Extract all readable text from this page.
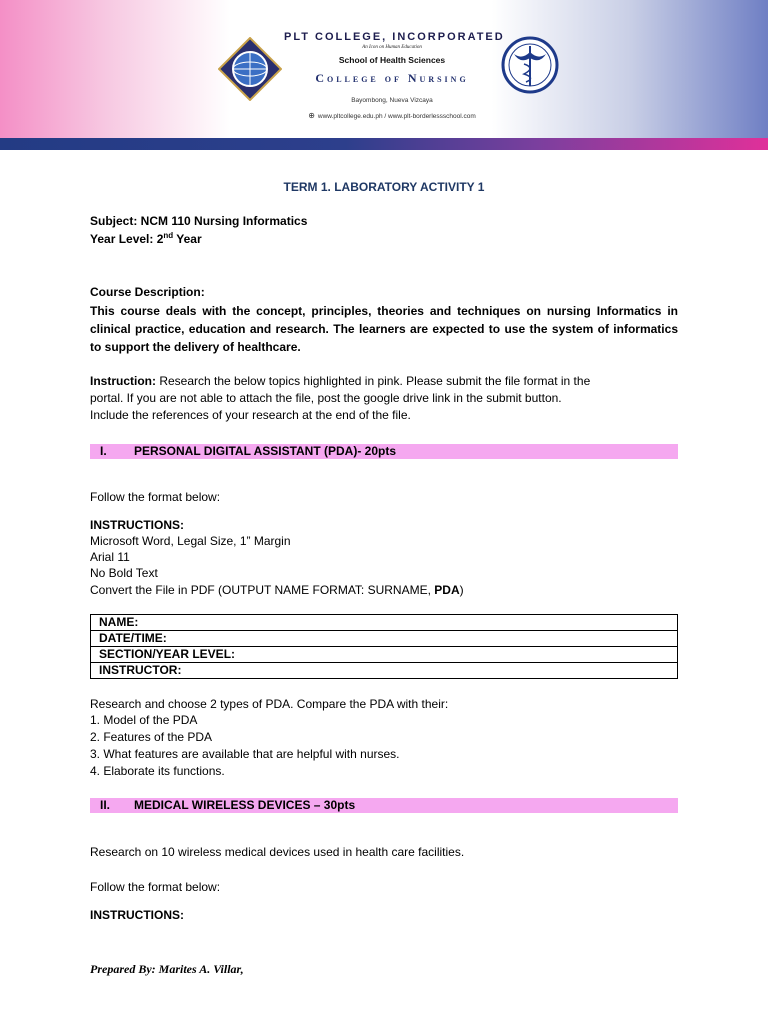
PLT COLLEGE, INCORPORATED
An Icon on Human Education
School of Health Sciences
College of Nursing
Bayombong, Nueva Vizcaya
⊕ www.pltcollege.edu.ph / www.plt-borderlessschool.com
TERM 1. LABORATORY ACTIVITY 1
Subject: NCM 110 Nursing Informatics
Year Level: 2nd Year
Course Description:
This course deals with the concept, principles, theories and techniques on nursing Informatics in clinical practice, education and research. The learners are expected to use the system of informatics to support the delivery of healthcare.
Instruction: Research the below topics highlighted in pink. Please submit the file format in the
portal. If you are not able to attach the file, post the google drive link in the submit button.
Include the references of your research at the end of the file.
I. PERSONAL DIGITAL ASSISTANT (PDA)- 20pts
Follow the format below:
INSTRUCTIONS:
Microsoft Word, Legal Size, 1” Margin
Arial 11
No Bold Text
Convert the File in PDF (OUTPUT NAME FORMAT: SURNAME, PDA)
NAME:
DATE/TIME:
SECTION/YEAR LEVEL:
INSTRUCTOR:
Research and choose 2 types of PDA. Compare the PDA with their:
1. Model of the PDA
2. Features of the PDA
3. What features are available that are helpful with nurses.
4. Elaborate its functions.
II. MEDICAL WIRELESS DEVICES – 30pts
Research on 10 wireless medical devices used in health care facilities.
Follow the format below:
INSTRUCTIONS:
Prepared By: Marites A. Villar,
